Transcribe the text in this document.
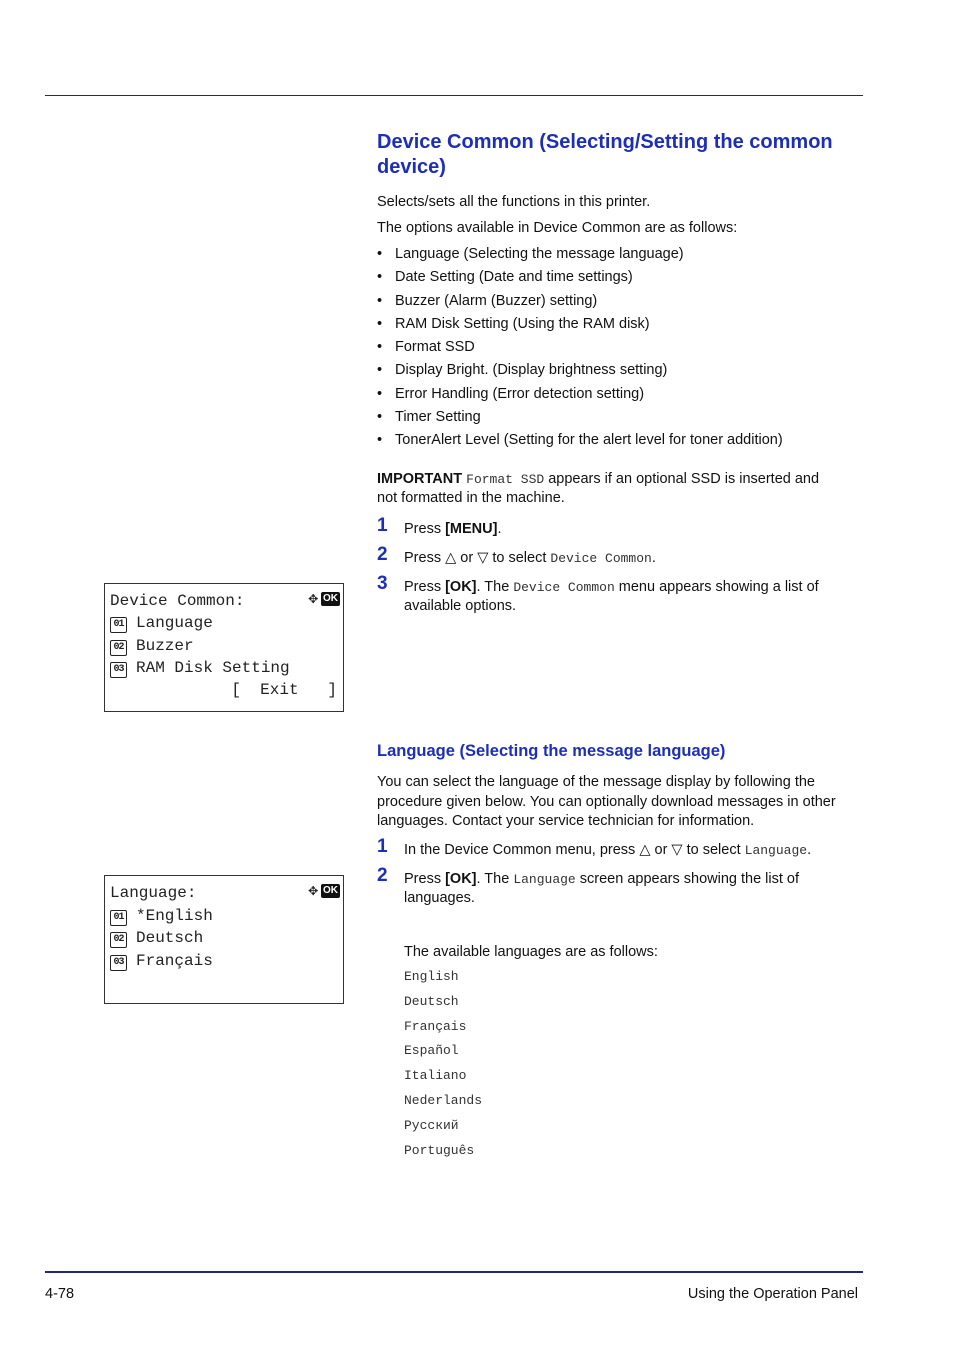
Device Common (Selecting/Setting the common device)

Selects/sets all the functions in this printer.

The options available in Device Common are as follows:

• Language (Selecting the message language)
• Date Setting (Date and time settings)
• Buzzer (Alarm (Buzzer) setting)
• RAM Disk Setting (Using the RAM disk)
• Format SSD
• Display Bright. (Display brightness setting)
• Error Handling (Error detection setting)
• Timer Setting
• TonerAlert Level (Setting for the alert level for toner addition)
IMPORTANT Format SSD appears if an optional SSD is inserted and
not formatted in the machine.
1 Press [MENU].
2 Press △ or ▽ to select Device Common.
3 Press [OK]. The Device Common menu appears showing a list of
available options.
Device Common:	✥ OK
01 Language
02 Buzzer
03 RAM Disk Setting
[  Exit   ]
Language (Selecting the message language)

You can select the language of the message display by following the

procedure given below. You can optionally download messages in other

languages. Contact your service technician for information.

1 In the Device Common menu, press △ or ▽ to select Language.
2 Press [OK]. The Language screen appears showing the list of
languages.
Language:	✥ OK
01 *English
02 Deutsch
03 Français	The available languages are as follows:

English
Deutsch
Français
Español
Italiano
Nederlands
Русский
Português
4-78	Using the Operation Panel
